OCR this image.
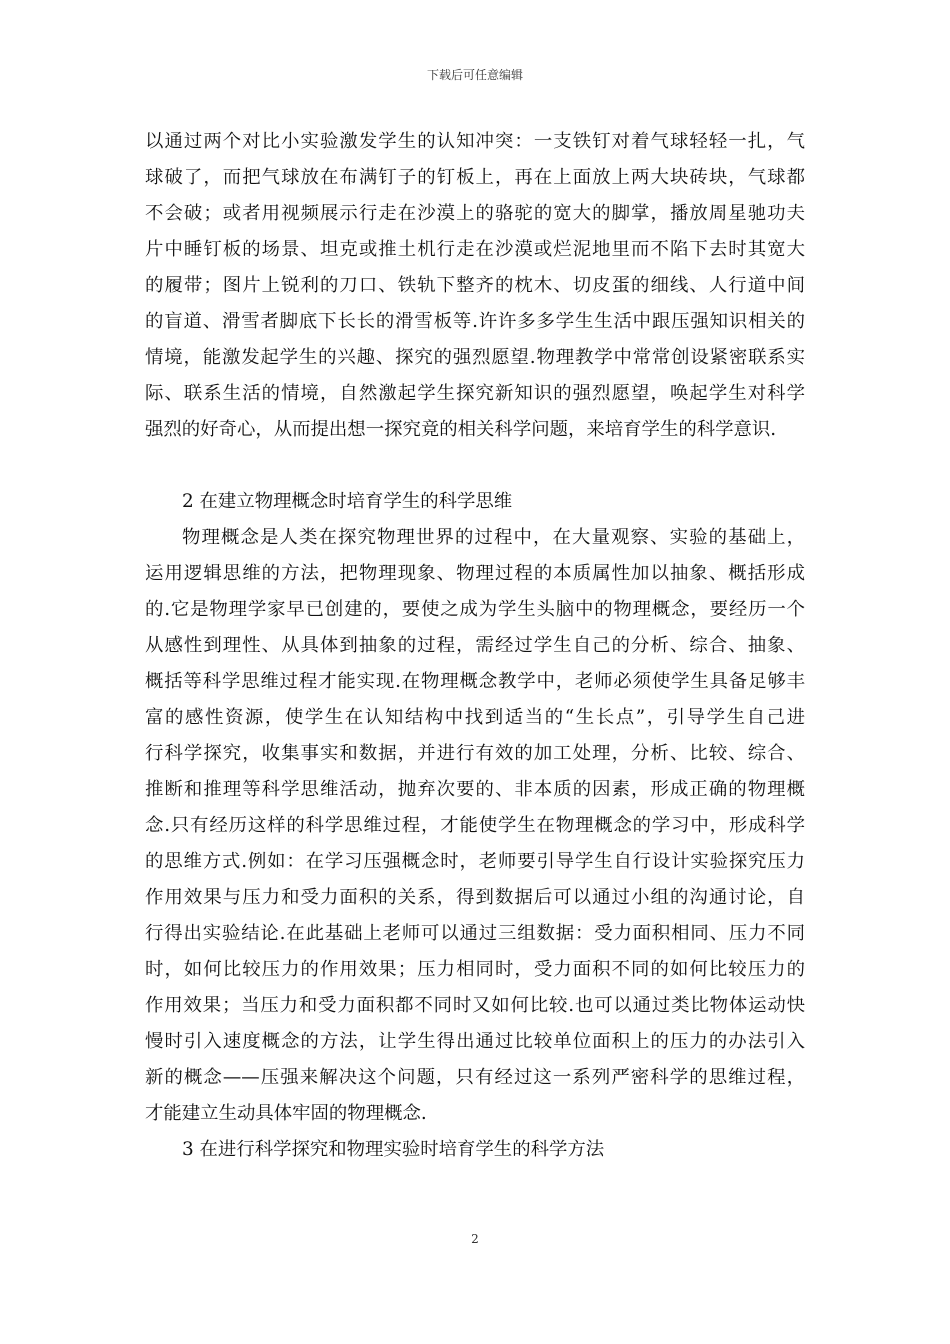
下载后可任意编辑
以通过两个对比小实验激发学生的认知冲突：一支铁钉对着气球轻轻一扎，气
球破了，而把气球放在布满钉子的钉板上，再在上面放上两大块砖块，气球都
不会破；或者用视频展示行走在沙漠上的骆驼的宽大的脚掌，播放周星驰功夫
片中睡钉板的场景、坦克或推土机行走在沙漠或烂泥地里而不陷下去时其宽大
的履带；图片上锐利的刀口、铁轨下整齐的枕木、切皮蛋的细线、人行道中间
的盲道、滑雪者脚底下长长的滑雪板等.许许多多学生生活中跟压强知识相关的
情境，能激发起学生的兴趣、探究的强烈愿望.物理教学中常常创设紧密联系实
际、联系生活的情境，自然激起学生探究新知识的强烈愿望，唤起学生对科学
强烈的好奇心，从而提出想一探究竟的相关科学问题，来培育学生的科学意识.
2 在建立物理概念时培育学生的科学思维
物理概念是人类在探究物理世界的过程中，在大量观察、实验的基础上，
运用逻辑思维的方法，把物理现象、物理过程的本质属性加以抽象、概括形成
的.它是物理学家早已创建的，要使之成为学生头脑中的物理概念，要经历一个
从感性到理性、从具体到抽象的过程，需经过学生自己的分析、综合、抽象、
概括等科学思维过程才能实现.在物理概念教学中，老师必须使学生具备足够丰
富的感性资源，使学生在认知结构中找到适当的“生长点”，引导学生自己进
行科学探究，收集事实和数据，并进行有效的加工处理，分析、比较、综合、
推断和推理等科学思维活动，抛弃次要的、非本质的因素，形成正确的物理概
念.只有经历这样的科学思维过程，才能使学生在物理概念的学习中，形成科学
的思维方式.例如：在学习压强概念时，老师要引导学生自行设计实验探究压力
作用效果与压力和受力面积的关系，得到数据后可以通过小组的沟通讨论，自
行得出实验结论.在此基础上老师可以通过三组数据：受力面积相同、压力不同
时，如何比较压力的作用效果；压力相同时，受力面积不同的如何比较压力的
作用效果；当压力和受力面积都不同时又如何比较.也可以通过类比物体运动快
慢时引入速度概念的方法，让学生得出通过比较单位面积上的压力的办法引入
新的概念——压强来解决这个问题，只有经过这一系列严密科学的思维过程，
才能建立生动具体牢固的物理概念.
3 在进行科学探究和物理实验时培育学生的科学方法
2
